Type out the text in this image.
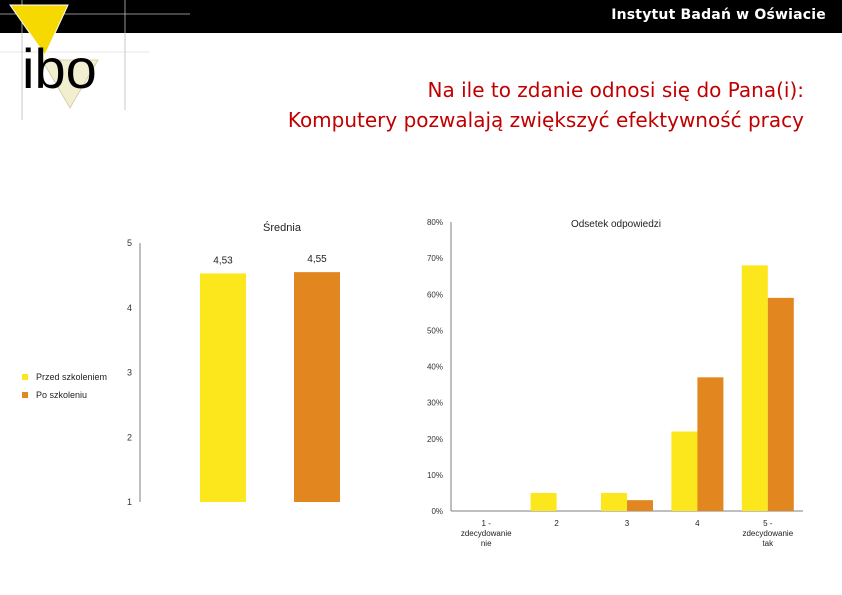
Instytut Badań w Oświacie
ibo	Na ile to zdanie odnosi się do Pana(i):
Komputery pozwalają zwiększyć efektywność pracy
Przed szkoleniem
Po szkoleniu
1
2
3
4
5
Średnia
4,53	4,55
0%
10%
20%
30%
40%
50%
60%
70%
80%	Odsetek odpowiedzi
1 -zdecydowanie nie
2	3	4	5 -zdecydowanie tak
